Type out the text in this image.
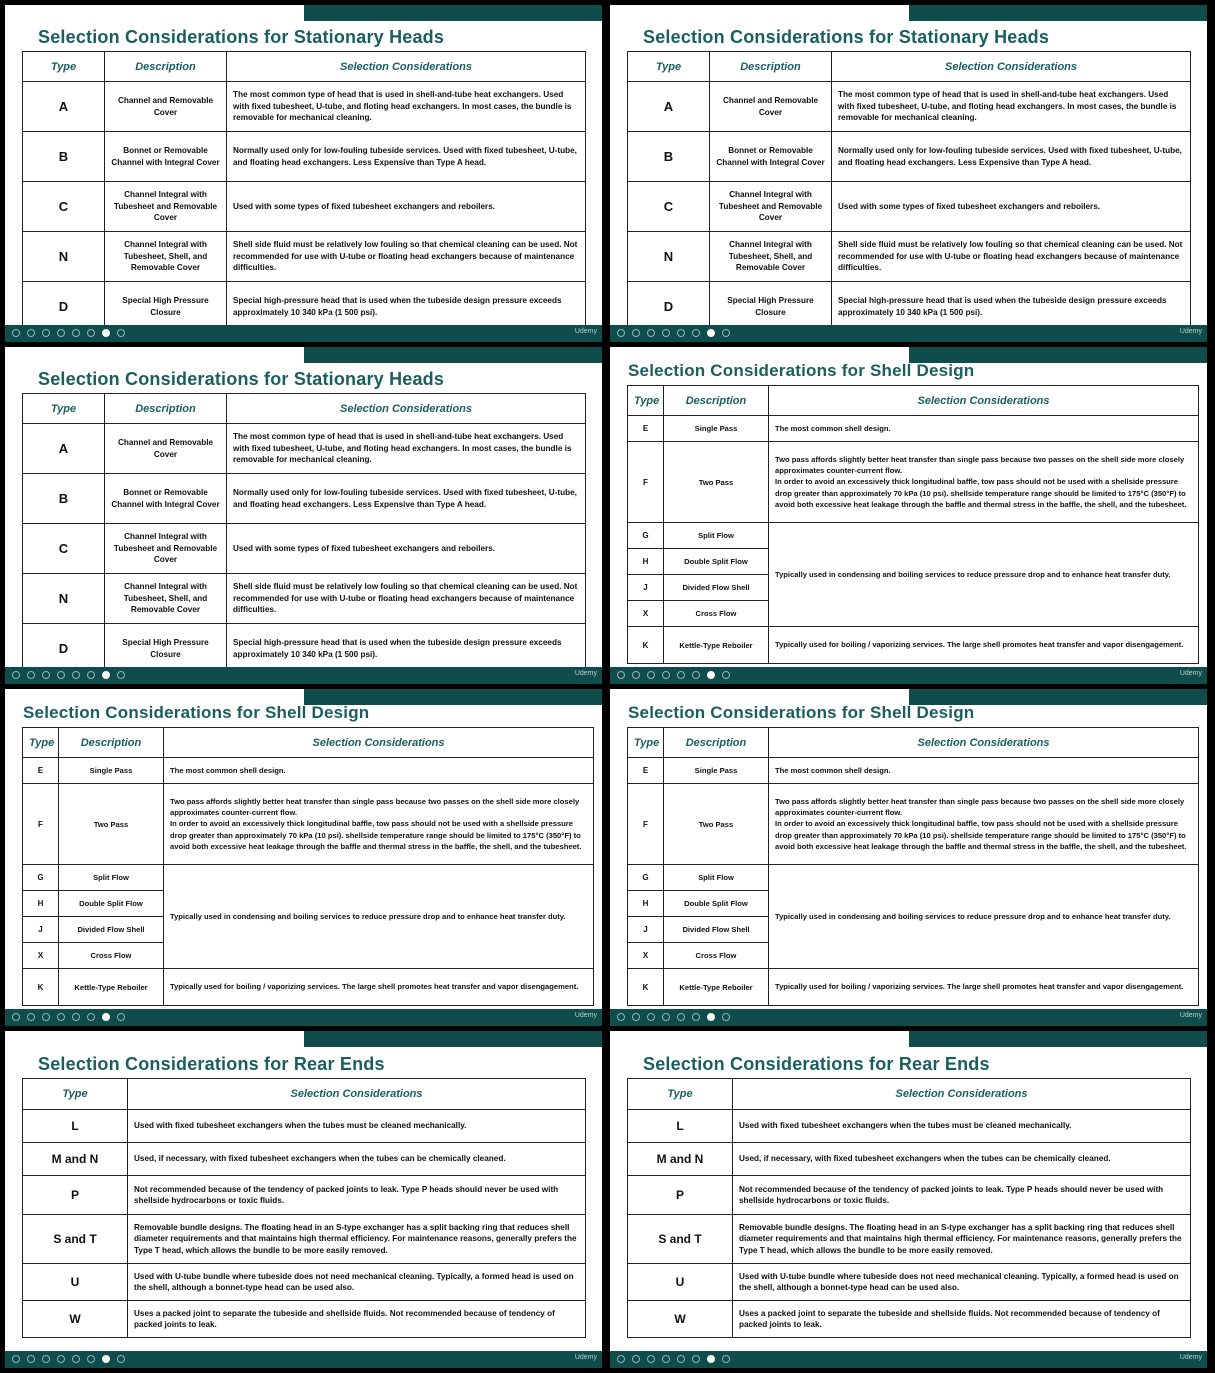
Selection Considerations for Stationary Heads
Type	Description	Selection Considerations
A	Channel and Removable Cover	The most common type of head that is used in shell-and-tube heat exchangers. Used with fixed tubesheet, U-tube, and floting head exchangers. In most cases, the bundle is removable for mechanical cleaning.
B	Bonnet or Removable Channel with Integral Cover	Normally used only for low-fouling tubeside services. Used with fixed tubesheet, U-tube, and floating head exchangers. Less Expensive than Type A head.
C	Channel Integral with Tubesheet and Removable Cover	Used with some types of fixed tubesheet exchangers and reboilers.
N	Channel Integral with Tubesheet, Shell, and Removable Cover	Shell side fluid must be relatively low fouling so that chemical cleaning can be used. Not recommended for use with U-tube or floating head exchangers because of maintenance difficulties.
D	Special High Pressure Closure	Special high-pressure head that is used when the tubeside design pressure exceeds approximately 10 340 kPa (1 500 psi).
Udemy
Selection Considerations for Stationary Heads
Type	Description	Selection Considerations
A	Channel and Removable Cover	The most common type of head that is used in shell-and-tube heat exchangers. Used with fixed tubesheet, U-tube, and floting head exchangers. In most cases, the bundle is removable for mechanical cleaning.
B	Bonnet or Removable Channel with Integral Cover	Normally used only for low-fouling tubeside services. Used with fixed tubesheet, U-tube, and floating head exchangers. Less Expensive than Type A head.
C	Channel Integral with Tubesheet and Removable Cover	Used with some types of fixed tubesheet exchangers and reboilers.
N	Channel Integral with Tubesheet, Shell, and Removable Cover	Shell side fluid must be relatively low fouling so that chemical cleaning can be used. Not recommended for use with U-tube or floating head exchangers because of maintenance difficulties.
D	Special High Pressure Closure	Special high-pressure head that is used when the tubeside design pressure exceeds approximately 10 340 kPa (1 500 psi).
Udemy
Selection Considerations for Stationary Heads
Type	Description	Selection Considerations
A	Channel and Removable Cover	The most common type of head that is used in shell-and-tube heat exchangers. Used with fixed tubesheet, U-tube, and floting head exchangers. In most cases, the bundle is removable for mechanical cleaning.
B	Bonnet or Removable Channel with Integral Cover	Normally used only for low-fouling tubeside services. Used with fixed tubesheet, U-tube, and floating head exchangers. Less Expensive than Type A head.
C	Channel Integral with Tubesheet and Removable Cover	Used with some types of fixed tubesheet exchangers and reboilers.
N	Channel Integral with Tubesheet, Shell, and Removable Cover	Shell side fluid must be relatively low fouling so that chemical cleaning can be used. Not recommended for use with U-tube or floating head exchangers because of maintenance difficulties.
D	Special High Pressure Closure	Special high-pressure head that is used when the tubeside design pressure exceeds approximately 10 340 kPa (1 500 psi).
Udemy
Selection Considerations for Shell Design
Type	Description	Selection Considerations
E	Single Pass	The most common shell design.
F	Two Pass	Two pass affords slightly better heat transfer than single pass because two passes on the shell side more closely approximates counter-current flow.
In order to avoid an excessively thick longitudinal baffle, tow pass should not be used with a shellside pressure drop greater than approximately 70 kPa (10 psi). shellside temperature range should be limited to 175°C (350°F) to avoid both excessive heat leakage through the baffle and thermal stress in the baffle, the shell, and the tubesheet.
G	Split Flow	Typically used in condensing and boiling services to reduce pressure drop and to enhance heat transfer duty.
H	Double Split Flow	
J	Divided Flow Shell	
X	Cross Flow	
K	Kettle-Type Reboiler	Typically used for boiling / vaporizing services. The large shell promotes heat transfer and vapor disengagement.
Udemy
Selection Considerations for Shell Design
Type	Description	Selection Considerations
E	Single Pass	The most common shell design.
F	Two Pass	Two pass affords slightly better heat transfer than single pass because two passes on the shell side more closely approximates counter-current flow.
In order to avoid an excessively thick longitudinal baffle, tow pass should not be used with a shellside pressure drop greater than approximately 70 kPa (10 psi). shellside temperature range should be limited to 175°C (350°F) to avoid both excessive heat leakage through the baffle and thermal stress in the baffle, the shell, and the tubesheet.
G	Split Flow	Typically used in condensing and boiling services to reduce pressure drop and to enhance heat transfer duty.
H	Double Split Flow	
J	Divided Flow Shell	
X	Cross Flow	
K	Kettle-Type Reboiler	Typically used for boiling / vaporizing services. The large shell promotes heat transfer and vapor disengagement.
Udemy
Selection Considerations for Shell Design
Type	Description	Selection Considerations
E	Single Pass	The most common shell design.
F	Two Pass	Two pass affords slightly better heat transfer than single pass because two passes on the shell side more closely approximates counter-current flow.
In order to avoid an excessively thick longitudinal baffle, tow pass should not be used with a shellside pressure drop greater than approximately 70 kPa (10 psi). shellside temperature range should be limited to 175°C (350°F) to avoid both excessive heat leakage through the baffle and thermal stress in the baffle, the shell, and the tubesheet.
G	Split Flow	Typically used in condensing and boiling services to reduce pressure drop and to enhance heat transfer duty.
H	Double Split Flow	
J	Divided Flow Shell	
X	Cross Flow	
K	Kettle-Type Reboiler	Typically used for boiling / vaporizing services. The large shell promotes heat transfer and vapor disengagement.
Udemy
Selection Considerations for Rear Ends
Type	Selection Considerations
L	Used with fixed tubesheet exchangers when the tubes must be cleaned mechanically.
M and N	Used, if necessary, with fixed tubesheet exchangers when the tubes can be chemically cleaned.
P	Not recommended because of the tendency of packed joints to leak. Type P heads should never be used with shellside hydrocarbons or toxic fluids.
S and T	Removable bundle designs. The floating head in an S-type exchanger has a split backing ring that reduces shell diameter requirements and that maintains high thermal efficiency. For maintenance reasons, generally prefers the Type T head, which allows the bundle to be more easily removed.
U	Used with U-tube bundle where tubeside does not need mechanical cleaning. Typically, a formed head is used on the shell, although a bonnet-type head can be used also.
W	Uses a packed joint to separate the tubeside and shellside fluids. Not recommended because of tendency of packed joints to leak.
Udemy
Selection Considerations for Rear Ends
Type	Selection Considerations
L	Used with fixed tubesheet exchangers when the tubes must be cleaned mechanically.
M and N	Used, if necessary, with fixed tubesheet exchangers when the tubes can be chemically cleaned.
P	Not recommended because of the tendency of packed joints to leak. Type P heads should never be used with shellside hydrocarbons or toxic fluids.
S and T	Removable bundle designs. The floating head in an S-type exchanger has a split backing ring that reduces shell diameter requirements and that maintains high thermal efficiency. For maintenance reasons, generally prefers the Type T head, which allows the bundle to be more easily removed.
U	Used with U-tube bundle where tubeside does not need mechanical cleaning. Typically, a formed head is used on the shell, although a bonnet-type head can be used also.
W	Uses a packed joint to separate the tubeside and shellside fluids. Not recommended because of tendency of packed joints to leak.
Udemy
